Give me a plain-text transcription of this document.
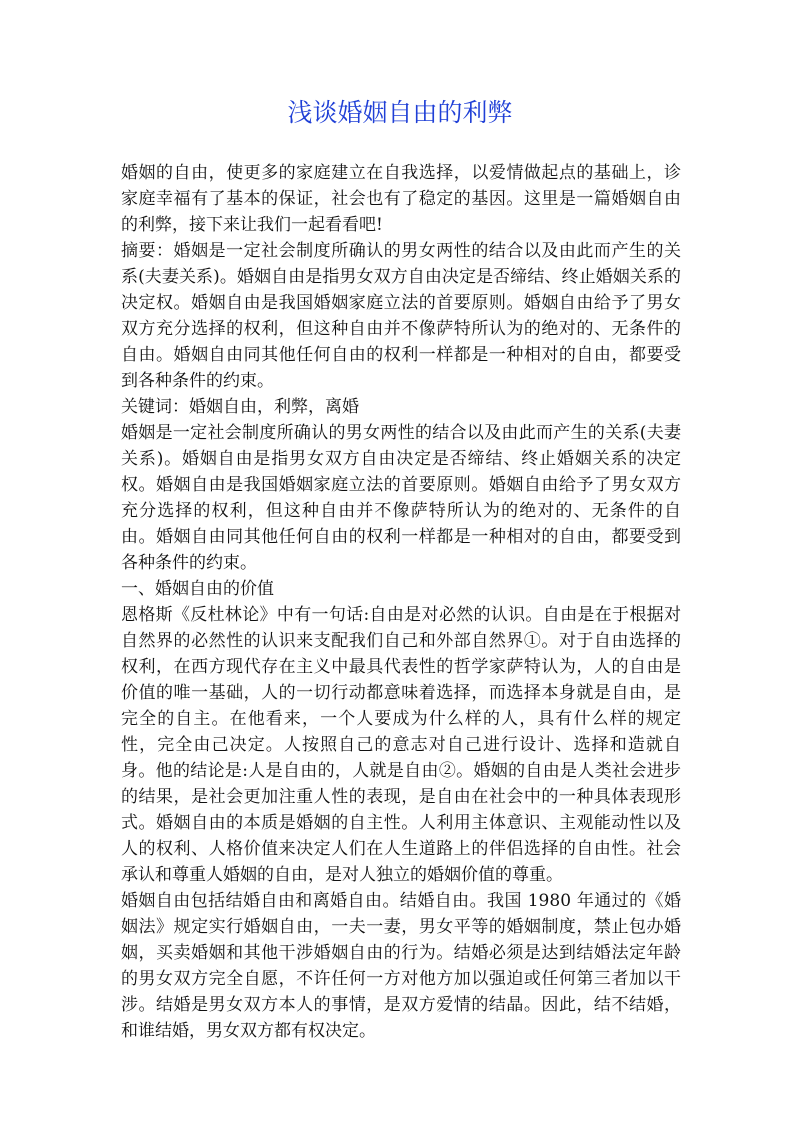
浅谈婚姻自由的利弊

婚姻的自由，使更多的家庭建立在自我选择，以爱情做起点的基础上，诊家庭幸福有了基本的保证，社会也有了稳定的基因。这里是一篇婚姻自由的利弊，接下来让我们一起看看吧!

摘要：婚姻是一定社会制度所确认的男女两性的结合以及由此而产生的关系(夫妻关系)。婚姻自由是指男女双方自由决定是否缔结、终止婚姻关系的决定权。婚姻自由是我国婚姻家庭立法的首要原则。婚姻自由给予了男女双方充分选择的权利，但这种自由并不像萨特所认为的绝对的、无条件的自由。婚姻自由同其他任何自由的权利一样都是一种相对的自由，都要受到各种条件的约束。

关键词：婚姻自由，利弊，离婚

婚姻是一定社会制度所确认的男女两性的结合以及由此而产生的关系(夫妻关系)。婚姻自由是指男女双方自由决定是否缔结、终止婚姻关系的决定权。婚姻自由是我国婚姻家庭立法的首要原则。婚姻自由给予了男女双方充分选择的权利，但这种自由并不像萨特所认为的绝对的、无条件的自由。婚姻自由同其他任何自由的权利一样都是一种相对的自由，都要受到各种条件的约束。

一、婚姻自由的价值

恩格斯《反杜林论》中有一句话:自由是对必然的认识。自由是在于根据对自然界的必然性的认识来支配我们自己和外部自然界①。对于自由选择的权利，在西方现代存在主义中最具代表性的哲学家萨特认为，人的自由是价值的唯一基础，人的一切行动都意味着选择，而选择本身就是自由，是完全的自主。在他看来，一个人要成为什么样的人，具有什么样的规定性，完全由己决定。人按照自己的意志对自己进行设计、选择和造就自身。他的结论是:人是自由的，人就是自由②。婚姻的自由是人类社会进步的结果，是社会更加注重人性的表现，是自由在社会中的一种具体表现形式。婚姻自由的本质是婚姻的自主性。人利用主体意识、主观能动性以及人的权利、人格价值来决定人们在人生道路上的伴侣选择的自由性。社会承认和尊重人婚姻的自由，是对人独立的婚姻价值的尊重。

婚姻自由包括结婚自由和离婚自由。结婚自由。我国 1980 年通过的《婚姻法》规定实行婚姻自由，一夫一妻，男女平等的婚姻制度，禁止包办婚姻，买卖婚姻和其他干涉婚姻自由的行为。结婚必须是达到结婚法定年龄的男女双方完全自愿，不许任何一方对他方加以强迫或任何第三者加以干涉。结婚是男女双方本人的事情，是双方爱情的结晶。因此，结不结婚，和谁结婚，男女双方都有权决定。
